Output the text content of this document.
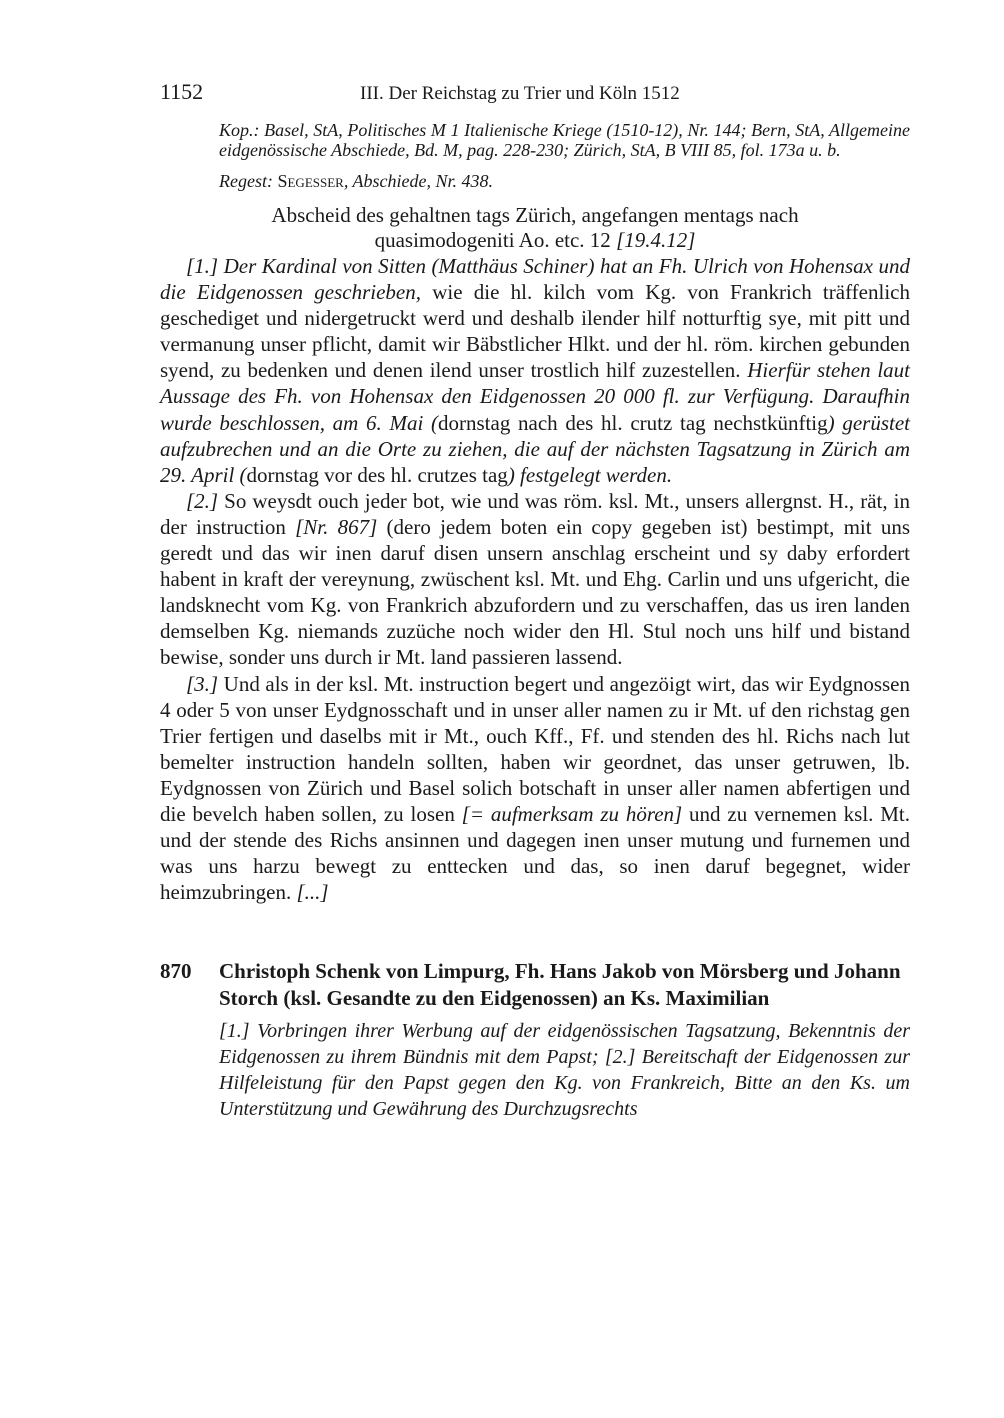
1152	III. Der Reichstag zu Trier und Köln 1512
Kop.: Basel, StA, Politisches M 1 Italienische Kriege (1510-12), Nr. 144; Bern, StA, Allgemeine eidgenössische Abschiede, Bd. M, pag. 228-230; Zürich, StA, B VIII 85, fol. 173a u. b.
Regest: Segesser, Abschiede, Nr. 438.
Abscheid des gehaltnen tags Zürich, angefangen mentags nach
quasimodogeniti Ao. etc. 12 [19.4.12]

[1.] Der Kardinal von Sitten (Matthäus Schiner) hat an Fh. Ulrich von Hohensax und die Eidgenossen geschrieben, wie die hl. kilch vom Kg. von Frankrich träffenlich geschediget und nidergetruckt werd und deshalb ilender hilf notturftig sye, mit pitt und vermanung unser pflicht, damit wir Bäbstlicher Hlkt. und der hl. röm. kirchen gebunden syend, zu bedenken und denen ilend unser trostlich hilf zuzestellen. Hierfür stehen laut Aussage des Fh. von Hohensax den Eidgenossen 20 000 fl. zur Verfügung. Daraufhin wurde beschlossen, am 6. Mai (dornstag nach des hl. crutz tag nechstkünftig) gerüstet aufzubrechen und an die Orte zu ziehen, die auf der nächsten Tagsatzung in Zürich am 29. April (dornstag vor des hl. crutzes tag) festgelegt werden.

[2.] So weysdt ouch jeder bot, wie und was röm. ksl. Mt., unsers allergnst. H., rät, in der instruction [Nr. 867] (dero jedem boten ein copy gegeben ist) bestimpt, mit uns geredt und das wir inen daruf disen unsern anschlag erscheint und sy daby erfordert habent in kraft der vereynung, zwüschent ksl. Mt. und Ehg. Carlin und uns ufgericht, die landsknecht vom Kg. von Frankrich abzufordern und zu verschaffen, das us iren landen demselben Kg. niemands zuzüche noch wider den Hl. Stul noch uns hilf und bistand bewise, sonder uns durch ir Mt. land passieren lassend.

[3.] Und als in der ksl. Mt. instruction begert und angezöigt wirt, das wir Eydgnossen 4 oder 5 von unser Eydgnosschaft und in unser aller namen zu ir Mt. uf den richstag gen Trier fertigen und daselbs mit ir Mt., ouch Kff., Ff. und stenden des hl. Richs nach lut bemelter instruction handeln sollten, haben wir geordnet, das unser getruwen, lb. Eydgnossen von Zürich und Basel solich botschaft in unser aller namen abfertigen und die bevelch haben sollen, zu losen [= aufmerksam zu hören] und zu vernemen ksl. Mt. und der stende des Richs ansinnen und dagegen inen unser mutung und furnemen und was uns harzu bewegt zu enttecken und das, so inen daruf begegnet, wider heimzubringen. [...]

870	Christoph Schenk von Limpurg, Fh. Hans Jakob von Mörsberg und Johann Storch (ksl. Gesandte zu den Eidgenossen) an Ks. Maximilian
[1.] Vorbringen ihrer Werbung auf der eidgenössischen Tagsatzung, Bekenntnis der Eidgenossen zu ihrem Bündnis mit dem Papst; [2.] Bereitschaft der Eidgenossen zur Hilfeleistung für den Papst gegen den Kg. von Frankreich, Bitte an den Ks. um Unterstützung und Gewährung des Durchzugsrechts
